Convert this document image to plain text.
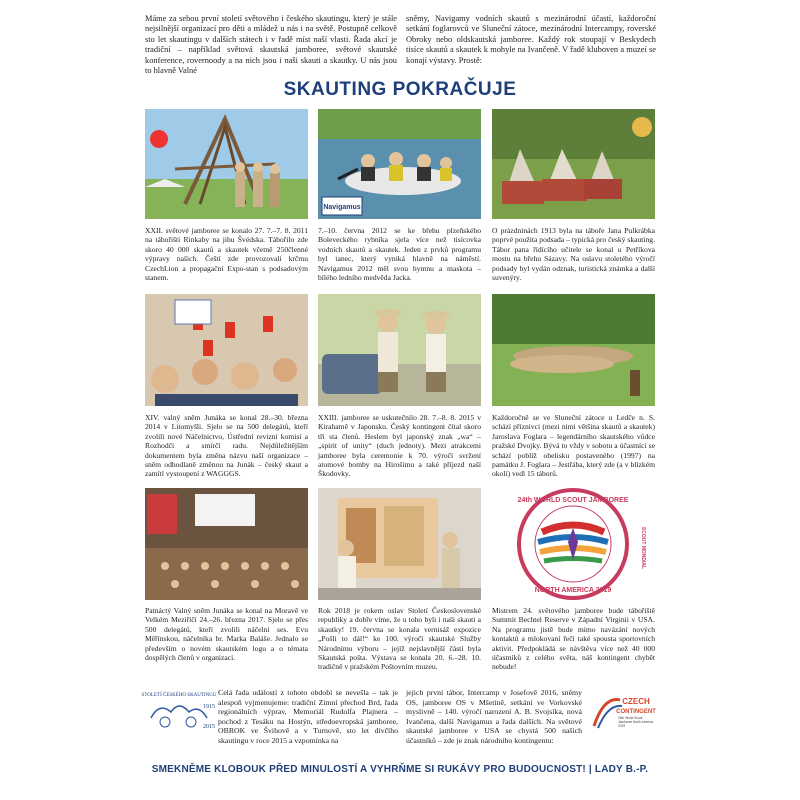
Máme za sebou první století světového i českého skautingu, který je stále nejsilnější organizací pro děti a mládež u nás i na světě. Postupně celkově sto let skautingu v dalších státech i v řadě míst naší vlasti. Řada akcí je tradiční – například světová skautská jamboree, světové skautské konference, rovernoody a na nich jsou i naši skauti a skautky. U nás jsou to hlavně Valné

sněmy, Navigamy vodních skautů s mezinárodní účastí, každoroční setkání foglarovců ve Sluneční zátoce, mezinárodní Intercampy, roverské Obroky nebo oldskautská jamboree. Každý rok stoupají v Beskydech tisíce skautů a skautek k mohyle na Ivančeně. V řadě kluboven a muzeí se konají výstavy. Prostě:

SKAUTING POKRAČUJE

XXII. světové jamboree se konalo 27. 7.–7. 8. 2011 na tábořišti Rinkaby na jihu Švédska. Tábořilo zde skoro 40 000 skautů a skautek včetně 250členné výpravy našich. Čeští zde provozovali krčmu CzechLion a propagační Expo-stan s podsadovým stanem.

Navigamus

7.–10. června 2012 se ke břehu plzeňského Boleveckého rybníka sjela více než tisícovka vodních skautů a skautek. Jeden z prvků programu byl tanec, který vyniká hlavně na náměstí. Navigamus 2012 měl svou hymnu a maskota – bílého ledního medvěda Jacka.

O prázdninách 1913 byla na táboře Jana Pulkrábka poprvé použita podsada – typická pro český skauting. Tábor pana řídícího učitele se konal u Petříkova mostu na břehu Sázavy. Na oslavu stoletého výročí podsady byl vydán odznak, turistická známka a další suvenýry.

XIV. valný sněm Junáka se konal 28.–30. března 2014 v Litomyšli. Sjelo se na 500 delegátů, kteří zvolili nové Náčelnictvo, Ústřední revizní komisi a Rozhodčí a smírčí radu. Nejdůležitějším dokumentem byla změna názvu naší organizace – sněm odhodlaně změnou na Junák – český skaut a zamítl vystoupení z WAGGGS.

XXIII. jamboree se uskutečnilo 28. 7.–8. 8. 2015 v Kirahamě v Japonsku. Český kontingent čítal skoro tři sta členů. Heslem byl japonský znak „wa“ – „spirit of unity“ (duch jednoty). Mezi atrakcemi jamboree byla ceremonie k 70. výročí svržení atomové bomby na Hirošimu a také příjezd naší Škodovky.

Každoročně se ve Sluneční zátoce u Ledče n. S. schází příznivci (mezi nimi většina skautů a skautek) Jaroslava Foglara – legendárního skautského vůdce pražské Dvojky. Bývá to vždy v sobotu a účastníci se schází poblíž obelisku postaveného (1997) na památku J. Foglara – Jestřába, který zde (a v blízkém okolí) vedl 15 táborů.

Patnáctý Valný sněm Junáka se konal na Moravě ve Velkém Meziříčí 24.–26. března 2017. Sjelo se přes 500 delegátů, kteří zvolili náčelní ses. Evu Měřínskou, náčelníka br. Marka Baláše. Jednalo se především o novém skautském logu a o témata dospělých členů v organizaci.

Rok 2018 je rokem oslav Století Československé republiky a dobře víme, že u toho byli i naši skauti a skautky! 19. června se konala vernisáž expozice „Pošli to dál!“ ke 100. výročí skautské Služby Národnímu výboru – jejíž nejslavnější částí byla Skautská pošta. Výstava se konala 20. 6.–28. 10. tradičně v pražském Poštovním muzeu.

24th WORLD SCOUT JAMBOREE
SCOUT MONDIAL
NORTH AMERICA 2019

Mistrem 24. světového jamboree bude tábořiště Summit Bechtel Reserve v Západní Virginii v USA. Na programu jistě bude mimo navázání nových kontaktů a mlokovaní řeči také spousta sportovních aktivit. Předpokládá se návštěva více než 40 000 účastníků z celého světa, náš kontingent chybět nebude!

STOLETÍ ČESKÉHO SKAUTINGU
1915
2015

Celá řada událostí z tohoto období se nevešla – tak je alespoň vyjmenujeme: tradiční Zimní přechod Brd, řada regionálních výprav, Memoriál Rudolfa Plajnera – pochod z Tesáku na Hostýn, středoevropská jamboree, OBROK ve Švihově a v Turnově, sto let dívčího skautingu v roce 2015 a vzpomínka na

jejich první tábor, Intercamp v Josefově 2016, sněmy OS, jamboree OS v Mšetině, setkání ve Vorkovské myslivně – 140. výročí narození A. B. Svojsíka, nová Ivančena, další Navigamus a řada dalších. Na světové skautské jamboree v USA se chystá 500 našich účastníků – zde je znak národního kontingentu:

CZECH
CONTINGENT
24th World Scout Jamboree North America 2019
SMEKNĚME KLOBOUK PŘED MINULOSTÍ A VYHRŇME SI RUKÁVY PRO BUDOUCNOST! | LADY B.-P.
